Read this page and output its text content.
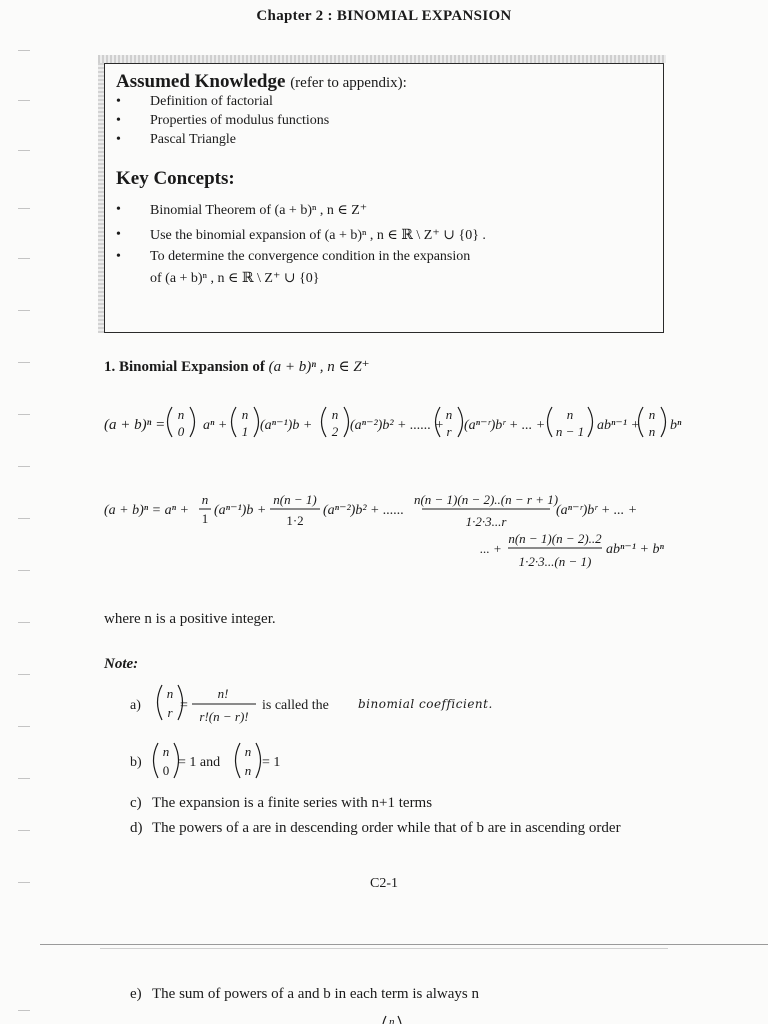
Chapter 2 : BINOMIAL EXPANSION
Assumed Knowledge (refer to appendix):
• Definition of factorial
• Properties of modulus functions
• Pascal Triangle
Key Concepts:
• Binomial Theorem of (a + b)ⁿ , n ∈ Z⁺
• Use the binomial expansion of (a + b)ⁿ , n ∈ ℝ \ Z⁺ ∪ {0} .
• To determine the convergence condition in the expansion
of (a + b)ⁿ , n ∈ ℝ \ Z⁺ ∪ {0}
1. Binomial Expansion of (a + b)ⁿ , n ∈ Z⁺
(a + b)ⁿ =
n
0 aⁿ +
n
1 (aⁿ⁻¹)b +
n
2 (aⁿ⁻²)b² + ...... +
n
r (aⁿ⁻ʳ)bʳ + ... +
n
n − 1 abⁿ⁻¹ +
n
n bⁿ
(a + b)ⁿ = aⁿ +
n
1
(aⁿ⁻¹)b +
n(n − 1)
1·2
(aⁿ⁻²)b² + ......
n(n − 1)(n − 2)..(n − r + 1)
1·2·3...r
(aⁿ⁻ʳ)bʳ + ... +
... +
n(n − 1)(n − 2)..2
1·2·3...(n − 1)
abⁿ⁻¹ + bⁿ
where n is a positive integer.
Note:
a)
n
r =
n!
r!(n − r)!
is called the binomial coefficient.
b)
n
0
= 1 and
n
n
= 1
c) The expansion is a finite series with n+1 terms
d) The powers of a are in descending order while that of b are in ascending order
C2-1
e) The sum of powers of a and b in each term is always n
n
